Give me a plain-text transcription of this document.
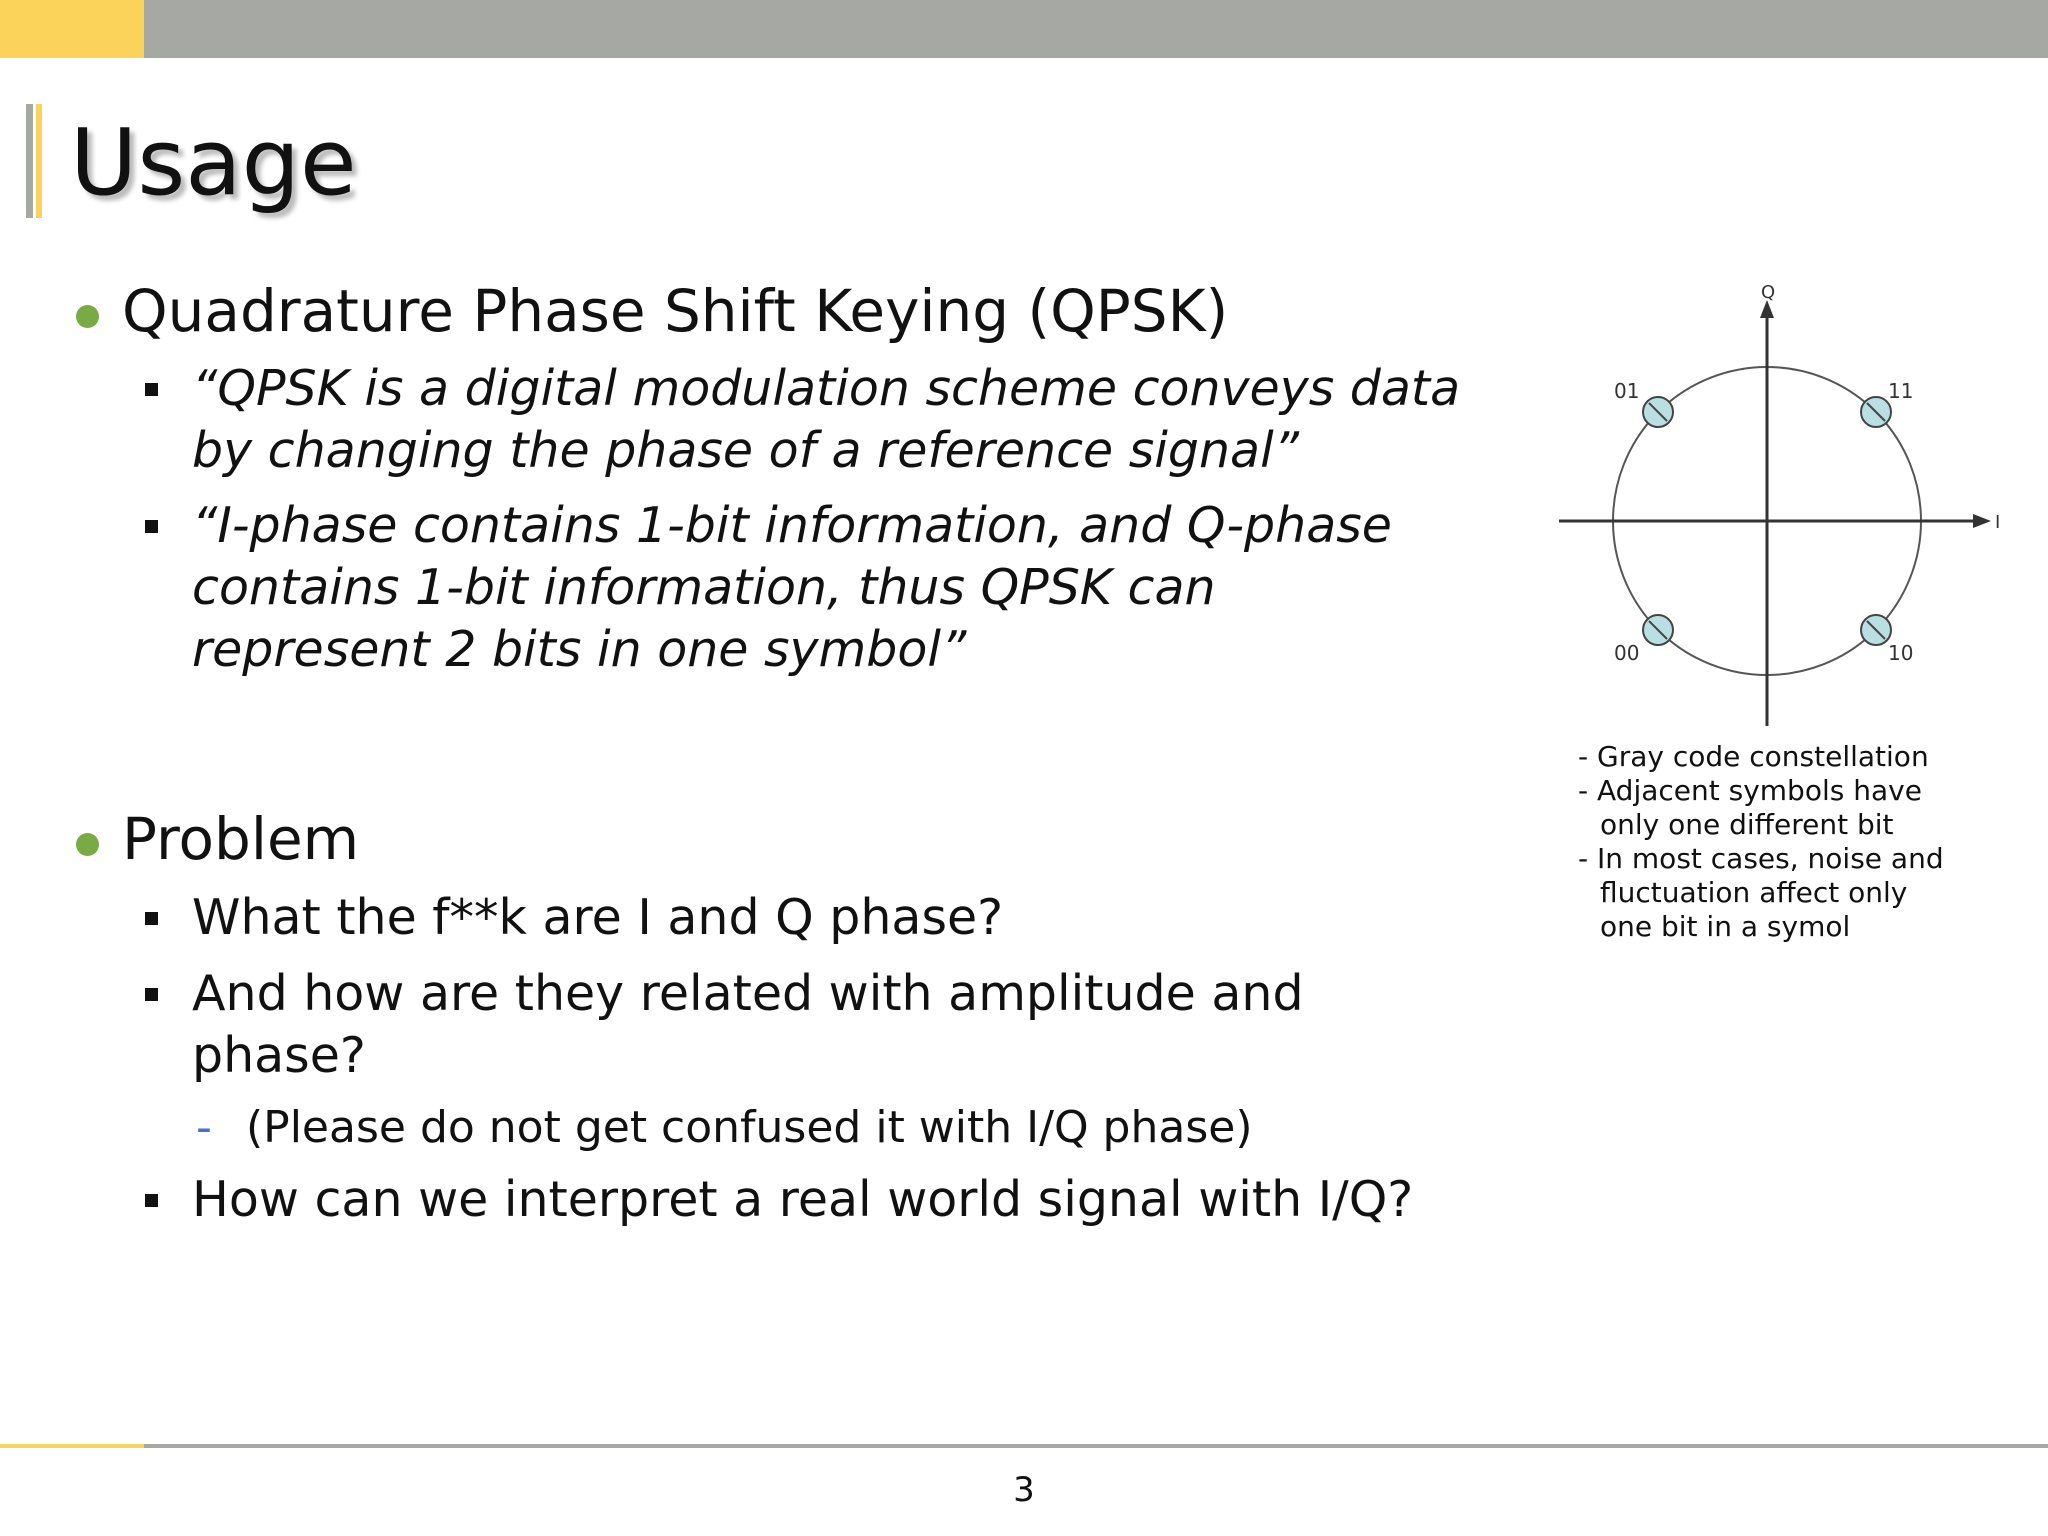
Usage
Quadrature Phase Shift Keying (QPSK)
“QPSK is a digital modulation scheme conveys data
by changing the phase of a reference signal”
“I-phase contains 1-bit information, and Q-phase
contains 1-bit information, thus QPSK can
represent 2 bits in one symbol”
Problem
What the f**k are I and Q phase?
And how are they related with amplitude and
phase?
- (Please do not get confused it with I/Q phase)
How can we interpret a real world signal with I/Q?
Q
I
01	11
00	10
- Gray code constellation
- Adjacent symbols have
only one different bit
- In most cases, noise and
fluctuation affect only
one bit in a symol
3
